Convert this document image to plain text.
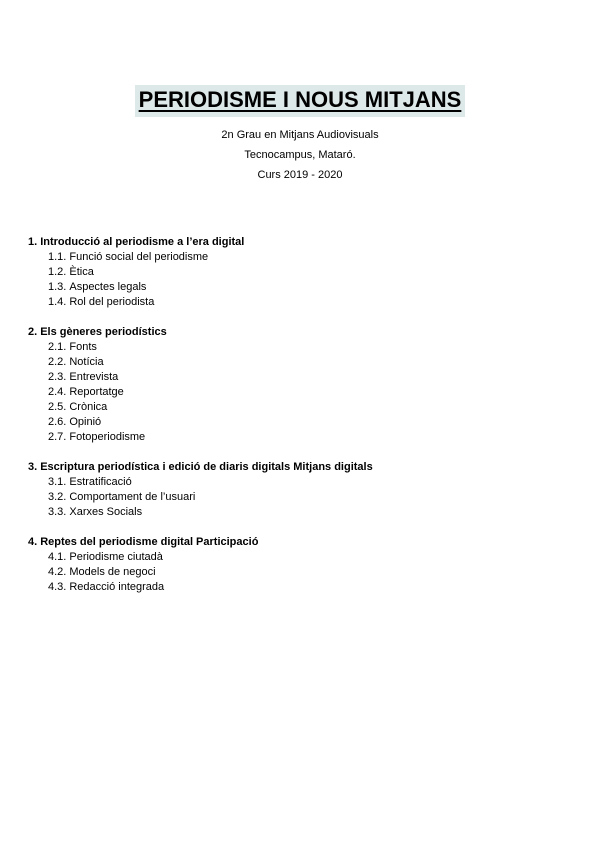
PERIODISME I NOUS MITJANS
2n Grau en Mitjans Audiovisuals
Tecnocampus, Mataró.
Curs 2019 - 2020
1. Introducció al periodisme a l’era digital
1.1. Funció social del periodisme
1.2. Ètica
1.3. Aspectes legals
1.4. Rol del periodista
2. Els gèneres periodístics
2.1. Fonts
2.2. Notícia
2.3. Entrevista
2.4. Reportatge
2.5. Crònica
2.6. Opinió
2.7. Fotoperiodisme
3. Escriptura periodística i edició de diaris digitals Mitjans digitals
3.1. Estratificació
3.2. Comportament de l’usuari
3.3. Xarxes Socials
4. Reptes del periodisme digital Participació
4.1. Periodisme ciutadà
4.2. Models de negoci
4.3. Redacció integrada
